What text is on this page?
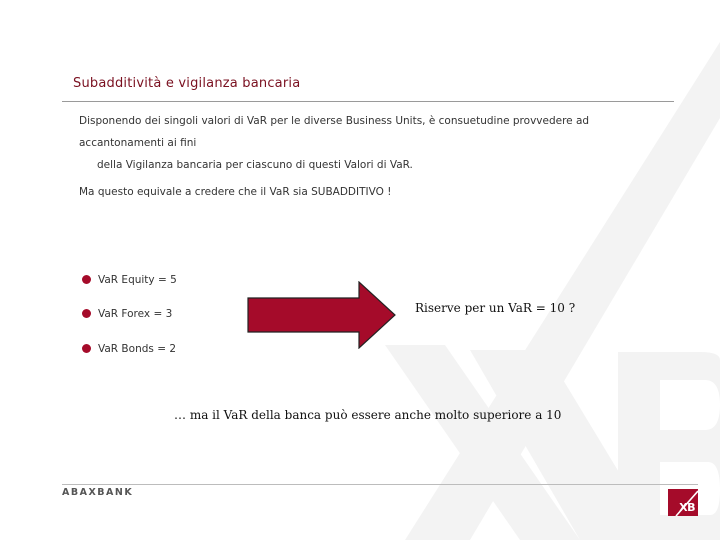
Subadditività e vigilanza bancaria
Disponendo dei singoli valori di VaR per le diverse Business Units, è consuetudine provvedere ad accantonamenti ai fini
della Vigilanza bancaria per ciascuno di questi Valori di VaR.
Ma questo equivale a credere che il VaR sia SUBADDITIVO !
VaR Equity = 5
VaR Forex = 3
VaR Bonds = 2
Riserve per un VaR = 10 ?
… ma il VaR della banca può essere anche molto superiore a 10
ABAXBANK
XB
